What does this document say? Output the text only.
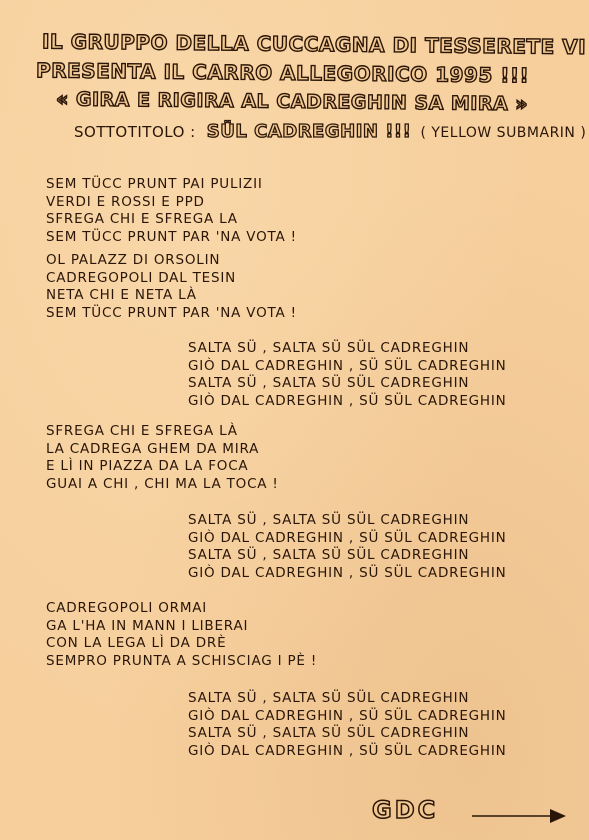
IL GRUPPO DELLA CUCCAGNA DI TESSERETE VI
PRESENTA IL CARRO ALLEGORICO 1995 !!!
« GIRA E RIGIRA AL CADREGHIN SA MIRA »
SOTTOTITOLO : SÜL CADREGHIN !!! ( YELLOW SUBMARIN )
SEM TÜCC PRUNT PAI PULIZII
VERDI E ROSSI E PPD
SFREGA CHI E SFREGA LA
SEM TÜCC PRUNT PAR 'NA VOTA !
OL PALAZZ DI ORSOLIN
CADREGOPOLI DAL TESIN
NETA CHI E NETA LÀ
SEM TÜCC PRUNT PAR 'NA VOTA !
SALTA SÜ , SALTA SÜ SÜL CADREGHIN
GIÒ DAL CADREGHIN , SÜ SÜL CADREGHIN
SALTA SÜ , SALTA SÜ SÜL CADREGHIN
GIÒ DAL CADREGHIN , SÜ SÜL CADREGHIN
SFREGA CHI E SFREGA LÀ
LA CADREGA GHEM DA MIRA
E LÌ IN PIAZZA DA LA FOCA
GUAI A CHI , CHI MA LA TOCA !
SALTA SÜ , SALTA SÜ SÜL CADREGHIN
GIÒ DAL CADREGHIN , SÜ SÜL CADREGHIN
SALTA SÜ , SALTA SÜ SÜL CADREGHIN
GIÒ DAL CADREGHIN , SÜ SÜL CADREGHIN
CADREGOPOLI ORMAI
GA L'HA IN MANN I LIBERAI
CON LA LEGA LÌ DA DRÈ
SEMPRO PRUNTA A SCHISCIAG I PÈ !
SALTA SÜ , SALTA SÜ SÜL CADREGHIN
GIÒ DAL CADREGHIN , SÜ SÜL CADREGHIN
SALTA SÜ , SALTA SÜ SÜL CADREGHIN
GIÒ DAL CADREGHIN , SÜ SÜL CADREGHIN
GDC
